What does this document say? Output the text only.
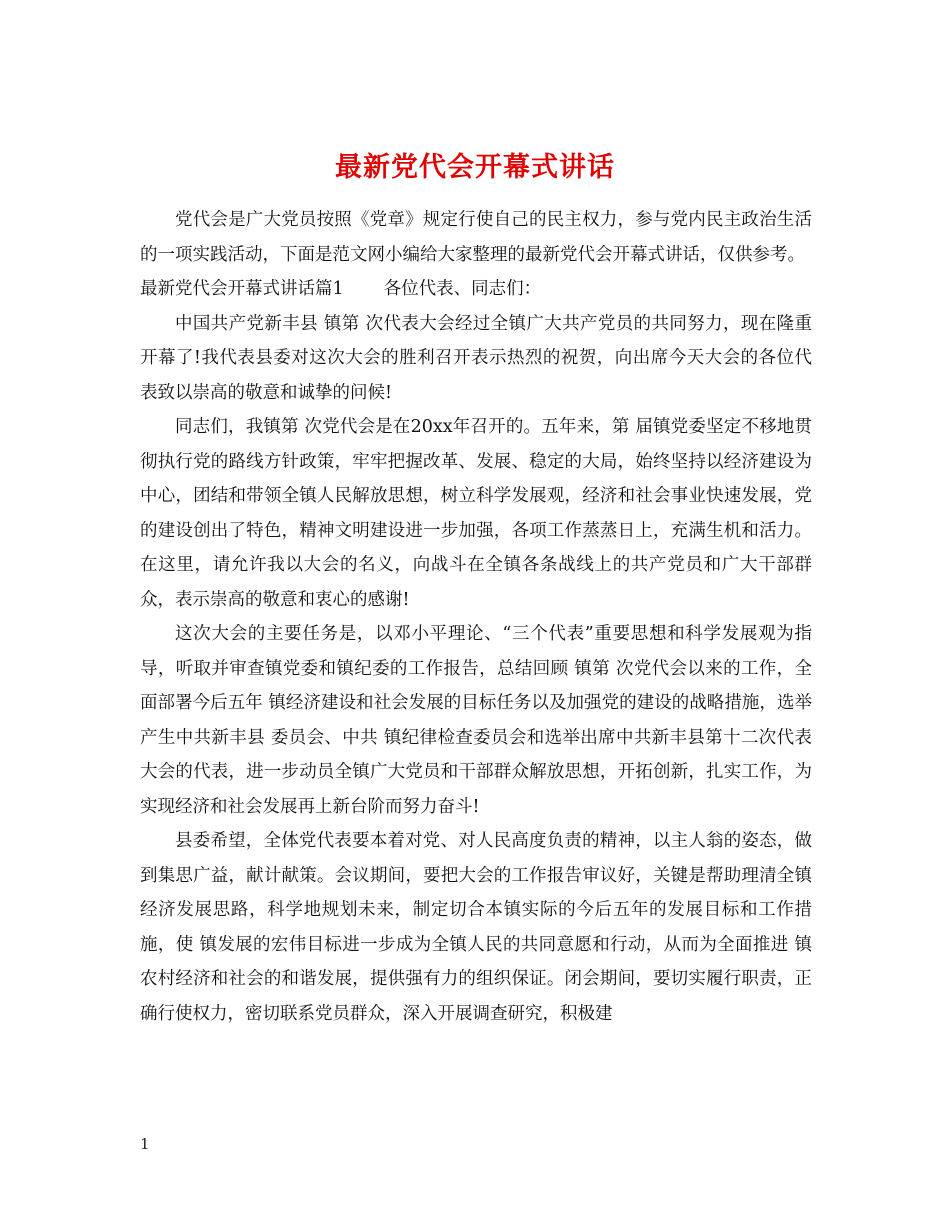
最新党代会开幕式讲话

党代会是广大党员按照《党章》规定行使自己的民主权力，参与党内民主政治生活的一项实践活动，下面是范文网小编给大家整理的最新党代会开幕式讲话，仅供参考。

最新党代会开幕式讲话篇1 各位代表、同志们：

中国共产党新丰县 镇第 次代表大会经过全镇广大共产党员的共同努力，现在隆重开幕了!我代表县委对这次大会的胜利召开表示热烈的祝贺，向出席今天大会的各位代表致以崇高的敬意和诚挚的问候!

同志们，我镇第 次党代会是在20xx年召开的。五年来，第 届镇党委坚定不移地贯彻执行党的路线方针政策，牢牢把握改革、发展、稳定的大局，始终坚持以经济建设为中心，团结和带领全镇人民解放思想，树立科学发展观，经济和社会事业快速发展，党的建设创出了特色，精神文明建设进一步加强，各项工作蒸蒸日上，充满生机和活力。在这里，请允许我以大会的名义，向战斗在全镇各条战线上的共产党员和广大干部群众，表示崇高的敬意和衷心的感谢!

这次大会的主要任务是，以邓小平理论、“三个代表”重要思想和科学发展观为指导，听取并审查镇党委和镇纪委的工作报告，总结回顾 镇第 次党代会以来的工作，全面部署今后五年 镇经济建设和社会发展的目标任务以及加强党的建设的战略措施，选举产生中共新丰县 委员会、中共 镇纪律检查委员会和选举出席中共新丰县第十二次代表大会的代表，进一步动员全镇广大党员和干部群众解放思想，开拓创新，扎实工作，为实现经济和社会发展再上新台阶而努力奋斗!

县委希望，全体党代表要本着对党、对人民高度负责的精神，以主人翁的姿态，做到集思广益，献计献策。会议期间，要把大会的工作报告审议好，关键是帮助理清全镇经济发展思路，科学地规划未来，制定切合本镇实际的今后五年的发展目标和工作措施，使 镇发展的宏伟目标进一步成为全镇人民的共同意愿和行动，从而为全面推进 镇农村经济和社会的和谐发展，提供强有力的组织保证。闭会期间，要切实履行职责，正确行使权力，密切联系党员群众，深入开展调查研究，积极建

1
